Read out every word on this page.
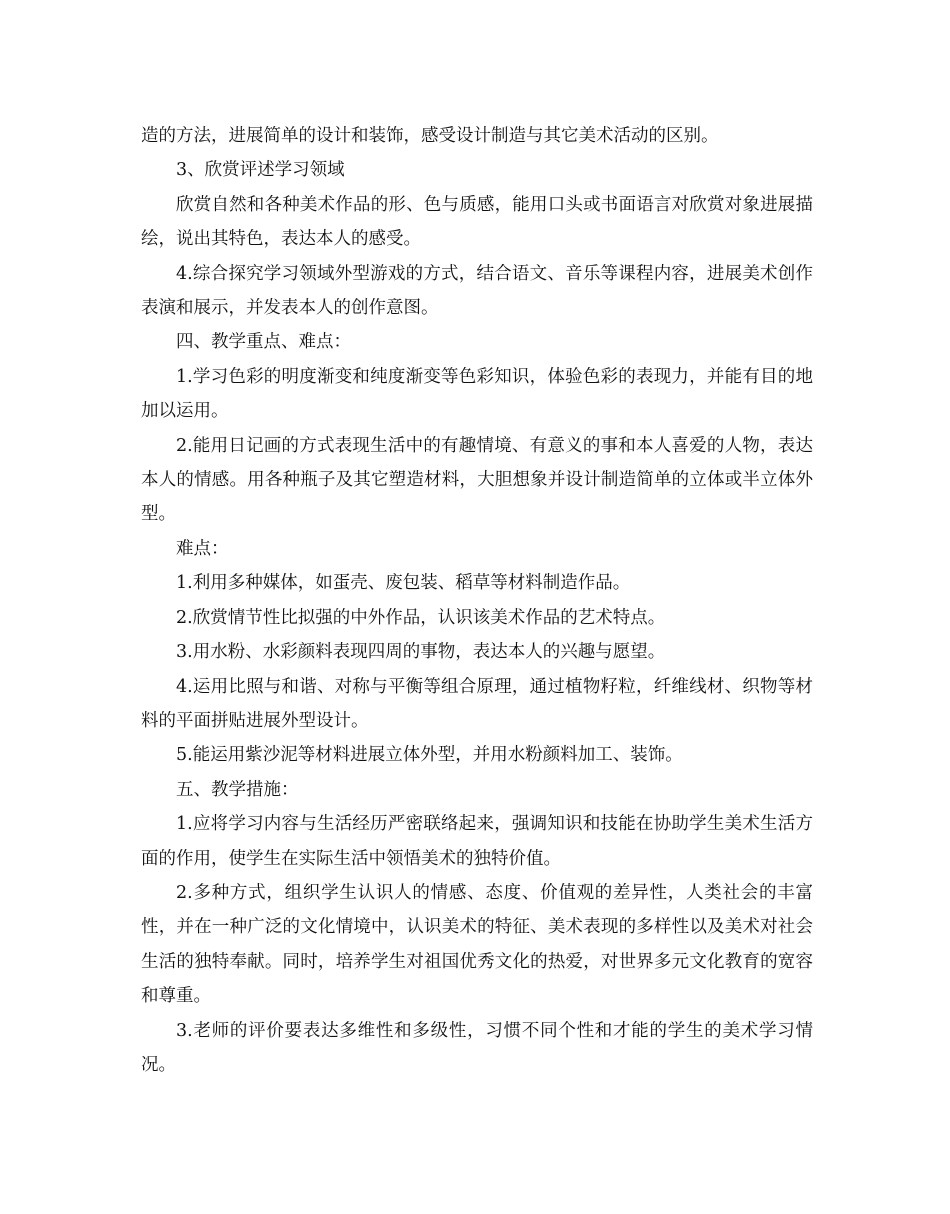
造的方法，进展简单的设计和装饰，感受设计制造与其它美术活动的区别。

3、欣赏评述学习领域

欣赏自然和各种美术作品的形、色与质感，能用口头或书面语言对欣赏对象进展描绘，说出其特色，表达本人的感受。

4.综合探究学习领域外型游戏的方式，结合语文、音乐等课程内容，进展美术创作表演和展示，并发表本人的创作意图。

四、教学重点、难点：

1.学习色彩的明度渐变和纯度渐变等色彩知识，体验色彩的表现力，并能有目的地加以运用。

2.能用日记画的方式表现生活中的有趣情境、有意义的事和本人喜爱的人物，表达本人的情感。用各种瓶子及其它塑造材料，大胆想象并设计制造简单的立体或半立体外型。

难点：

1.利用多种媒体，如蛋壳、废包装、稻草等材料制造作品。

2.欣赏情节性比拟强的中外作品，认识该美术作品的艺术特点。

3.用水粉、水彩颜料表现四周的事物，表达本人的兴趣与愿望。

4.运用比照与和谐、对称与平衡等组合原理，通过植物籽粒，纤维线材、织物等材料的平面拼贴进展外型设计。

5.能运用紫沙泥等材料进展立体外型，并用水粉颜料加工、装饰。

五、教学措施：

1.应将学习内容与生活经历严密联络起来，强调知识和技能在协助学生美术生活方面的作用，使学生在实际生活中领悟美术的独特价值。

2.多种方式，组织学生认识人的情感、态度、价值观的差异性，人类社会的丰富性，并在一种广泛的文化情境中，认识美术的特征、美术表现的多样性以及美术对社会生活的独特奉献。同时，培养学生对祖国优秀文化的热爱，对世界多元文化教育的宽容和尊重。

3.老师的评价要表达多维性和多级性，习惯不同个性和才能的学生的美术学习情况。
